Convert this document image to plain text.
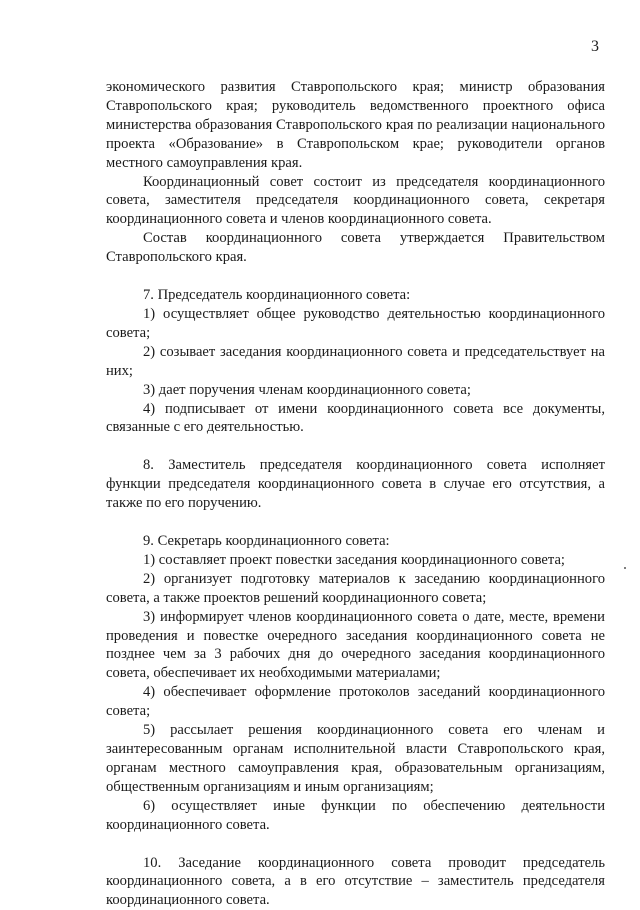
3

экономического развития Ставропольского края; министр образования Ставропольского края; руководитель ведомственного проектного офиса министерства образования Ставропольского края по реализации национального проекта «Образование» в Ставропольском крае; руководители органов местного самоуправления края.

Координационный совет состоит из председателя координационного совета, заместителя председателя координационного совета, секретаря координационного совета и членов координационного совета.

Состав координационного совета утверждается Правительством Ставропольского края.

7. Председатель координационного совета:

1) осуществляет общее руководство деятельностью координационного совета;

2) созывает заседания координационного совета и председательствует на них;

3) дает поручения членам координационного совета;

4) подписывает от имени координационного совета все документы, связанные с его деятельностью.

8. Заместитель председателя координационного совета исполняет функции председателя координационного совета в случае его отсутствия, а также по его поручению.

9. Секретарь координационного совета:

1) составляет проект повестки заседания координационного совета;

2) организует подготовку материалов к заседанию координационного совета, а также проектов решений координационного совета;

3) информирует членов координационного совета о дате, месте, времени проведения и повестке очередного заседания координационного совета не позднее чем за 3 рабочих дня до очередного заседания координационного совета, обеспечивает их необходимыми материалами;

4) обеспечивает оформление протоколов заседаний координационного совета;

5) рассылает решения координационного совета его членам и заинтересованным органам исполнительной власти Ставропольского края, органам местного самоуправления края, образовательным организациям, общественным организациям и иным организациям;

6) осуществляет иные функции по обеспечению деятельности координационного совета.

10. Заседание координационного совета проводит председатель координационного совета, а в его отсутствие – заместитель председателя координационного совета.
